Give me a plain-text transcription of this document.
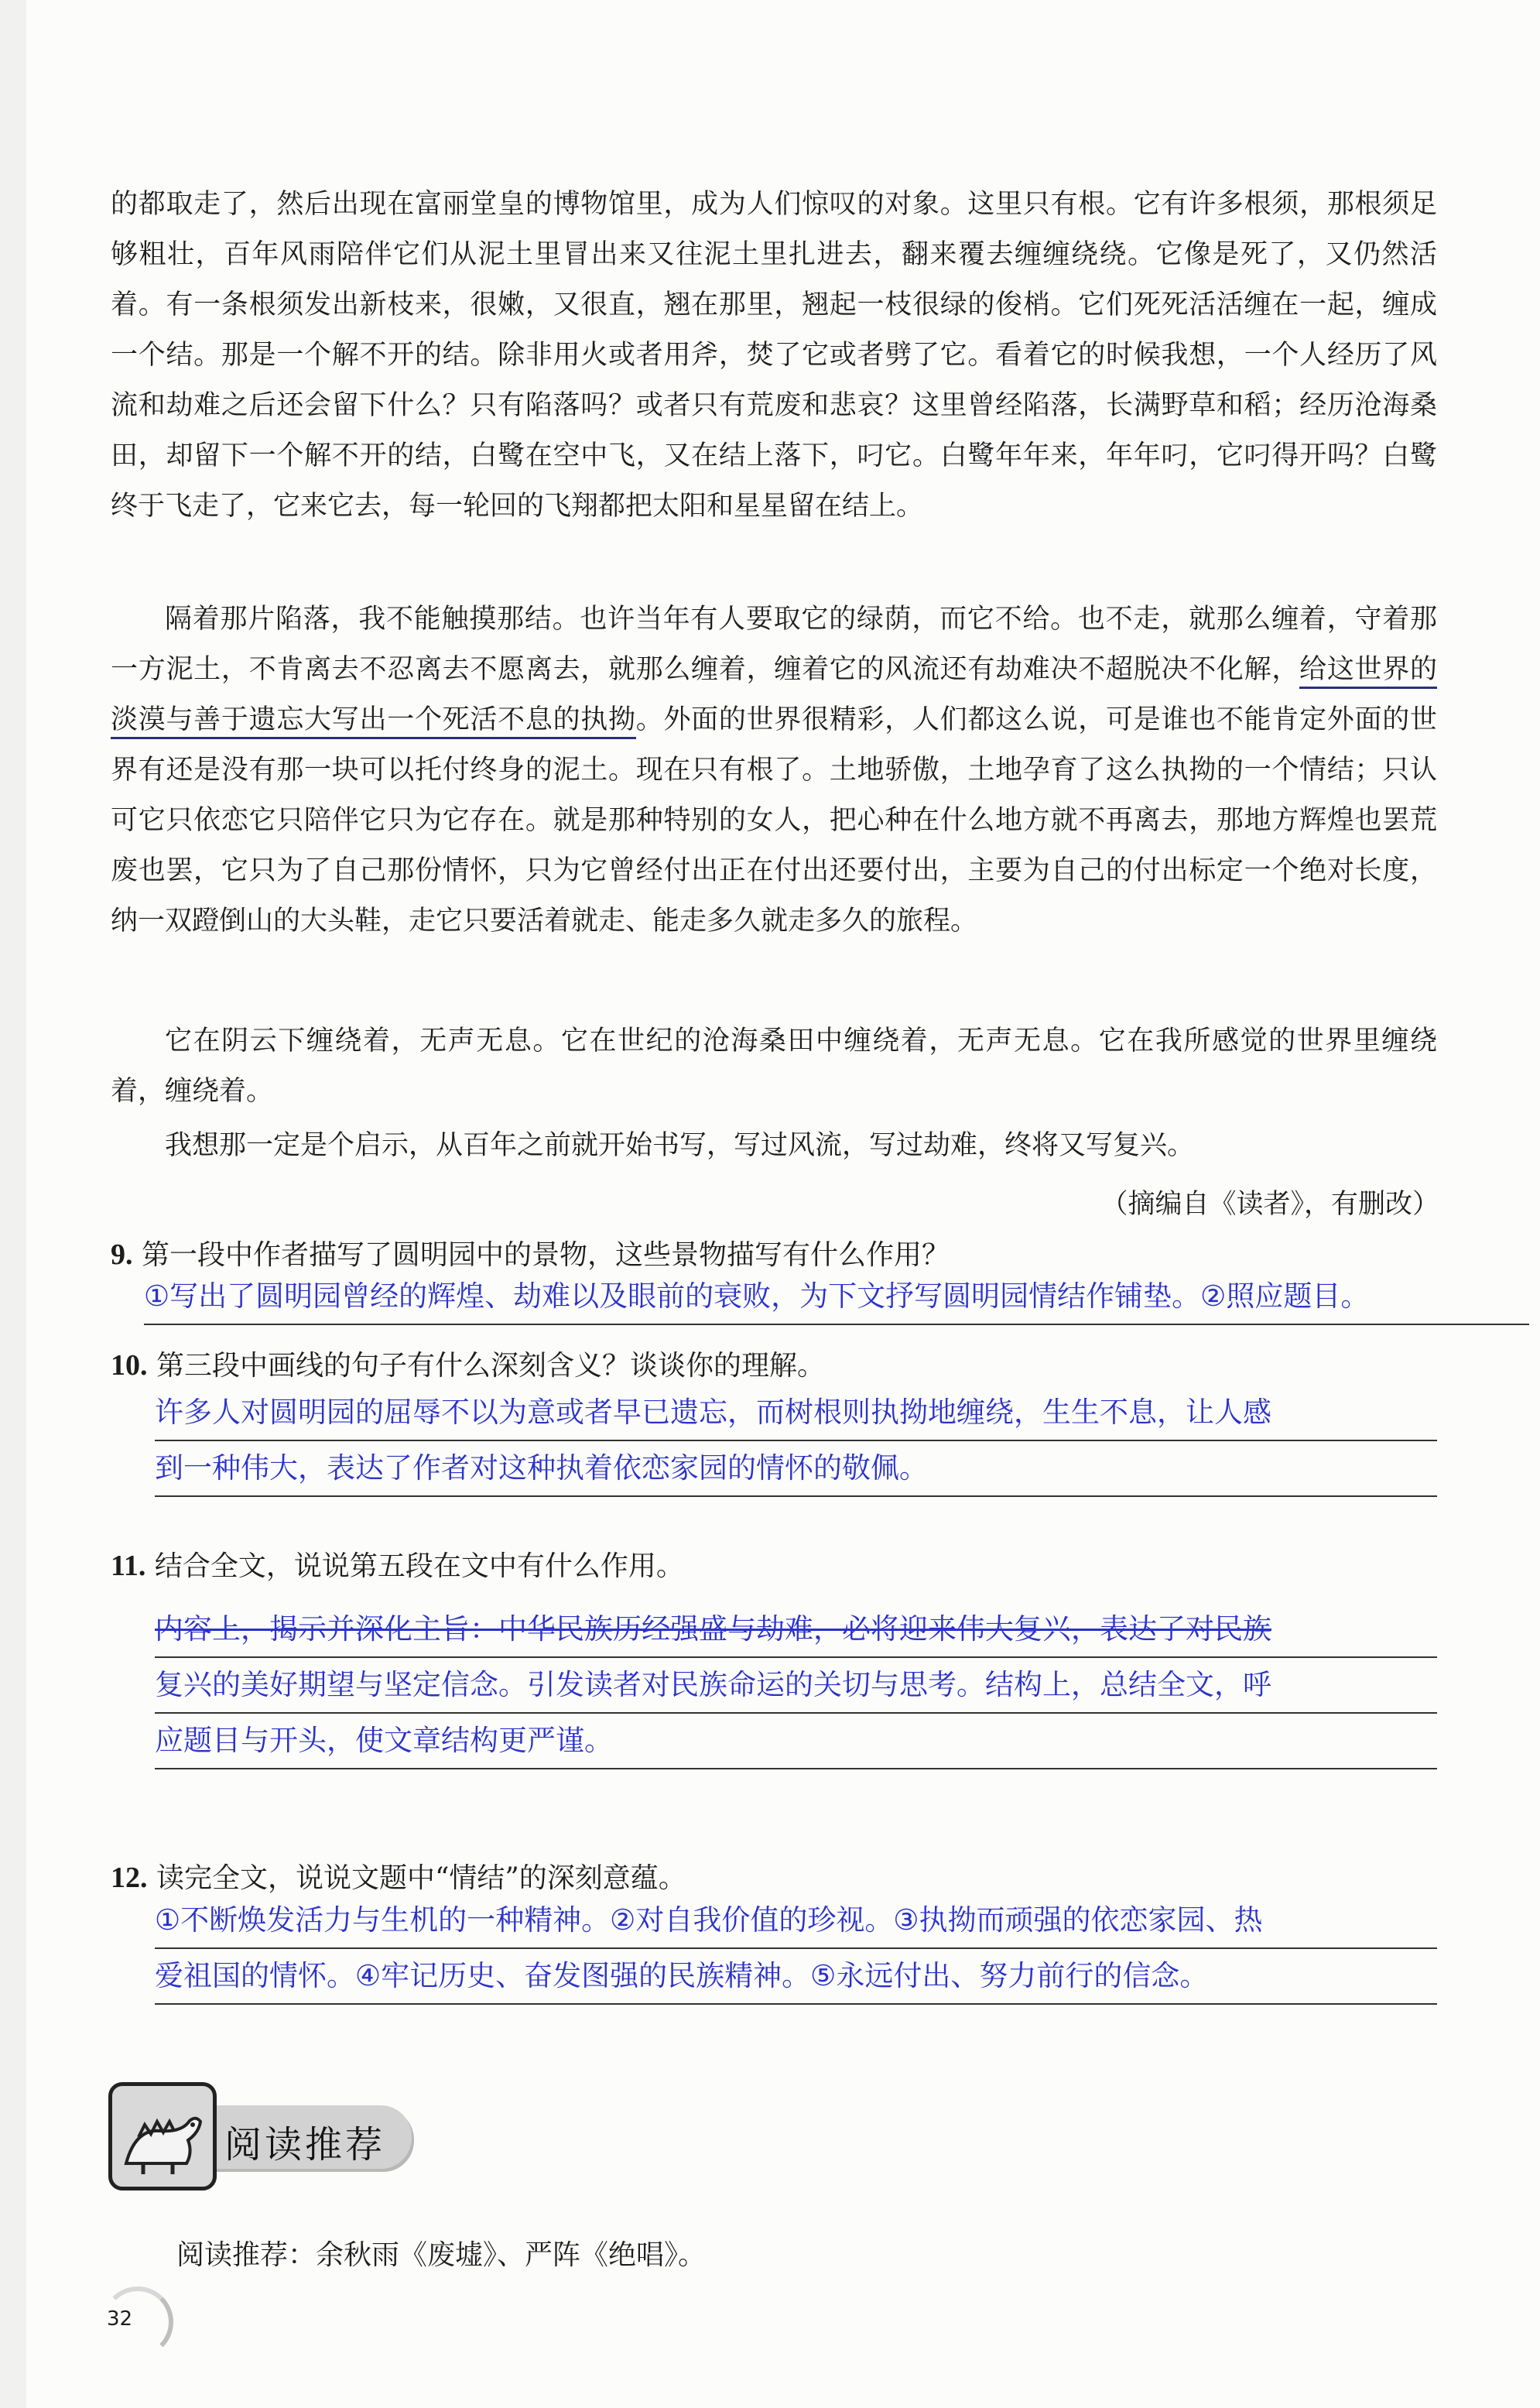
的都取走了，然后出现在富丽堂皇的博物馆里，成为人们惊叹的对象。这里只有根。它有许多根须，那根须足够粗壮，百年风雨陪伴它们从泥土里冒出来又往泥土里扎进去，翻来覆去缠缠绕绕。它像是死了，又仍然活着。有一条根须发出新枝来，很嫩，又很直，翘在那里，翘起一枝很绿的俊梢。它们死死活活缠在一起，缠成一个结。那是一个解不开的结。除非用火或者用斧，焚了它或者劈了它。看着它的时候我想，一个人经历了风流和劫难之后还会留下什么？只有陷落吗？或者只有荒废和悲哀？这里曾经陷落，长满野草和稻；经历沧海桑田，却留下一个解不开的结，白鹭在空中飞，又在结上落下，叼它。白鹭年年来，年年叼，它叼得开吗？白鹭终于飞走了，它来它去，每一轮回的飞翔都把太阳和星星留在结上。

隔着那片陷落，我不能触摸那结。也许当年有人要取它的绿荫，而它不给。也不走，就那么缠着，守着那一方泥土，不肯离去不忍离去不愿离去，就那么缠着，缠着它的风流还有劫难决不超脱决不化解，给这世界的淡漠与善于遗忘大写出一个死活不息的执拗。外面的世界很精彩，人们都这么说，可是谁也不能肯定外面的世界有还是没有那一块可以托付终身的泥土。现在只有根了。土地骄傲，土地孕育了这么执拗的一个情结；只认可它只依恋它只陪伴它只为它存在。就是那种特别的女人，把心种在什么地方就不再离去，那地方辉煌也罢荒废也罢，它只为了自己那份情怀，只为它曾经付出正在付出还要付出，主要为自己的付出标定一个绝对长度，纳一双蹬倒山的大头鞋，走它只要活着就走、能走多久就走多久的旅程。

它在阴云下缠绕着，无声无息。它在世纪的沧海桑田中缠绕着，无声无息。它在我所感觉的世界里缠绕着，缠绕着。

我想那一定是个启示，从百年之前就开始书写，写过风流，写过劫难，终将又写复兴。

（摘编自《读者》，有删改）
9. 第一段中作者描写了圆明园中的景物，这些景物描写有什么作用？
①写出了圆明园曾经的辉煌、劫难以及眼前的衰败，为下文抒写圆明园情结作铺垫。②照应题目。
10. 第三段中画线的句子有什么深刻含义？谈谈你的理解。
许多人对圆明园的屈辱不以为意或者早已遗忘，而树根则执拗地缠绕，生生不息，让人感
到一种伟大，表达了作者对这种执着依恋家园的情怀的敬佩。
11. 结合全文，说说第五段在文中有什么作用。
内容上，揭示并深化主旨：中华民族历经强盛与劫难，必将迎来伟大复兴，表达了对民族
复兴的美好期望与坚定信念。引发读者对民族命运的关切与思考。结构上，总结全文，呼
应题目与开头，使文章结构更严谨。
12. 读完全文，说说文题中“情结”的深刻意蕴。
①不断焕发活力与生机的一种精神。②对自我价值的珍视。③执拗而顽强的依恋家园、热
爱祖国的情怀。④牢记历史、奋发图强的民族精神。⑤永远付出、努力前行的信念。
阅读推荐
阅读推荐：余秋雨《废墟》、严阵《绝唱》。
32
